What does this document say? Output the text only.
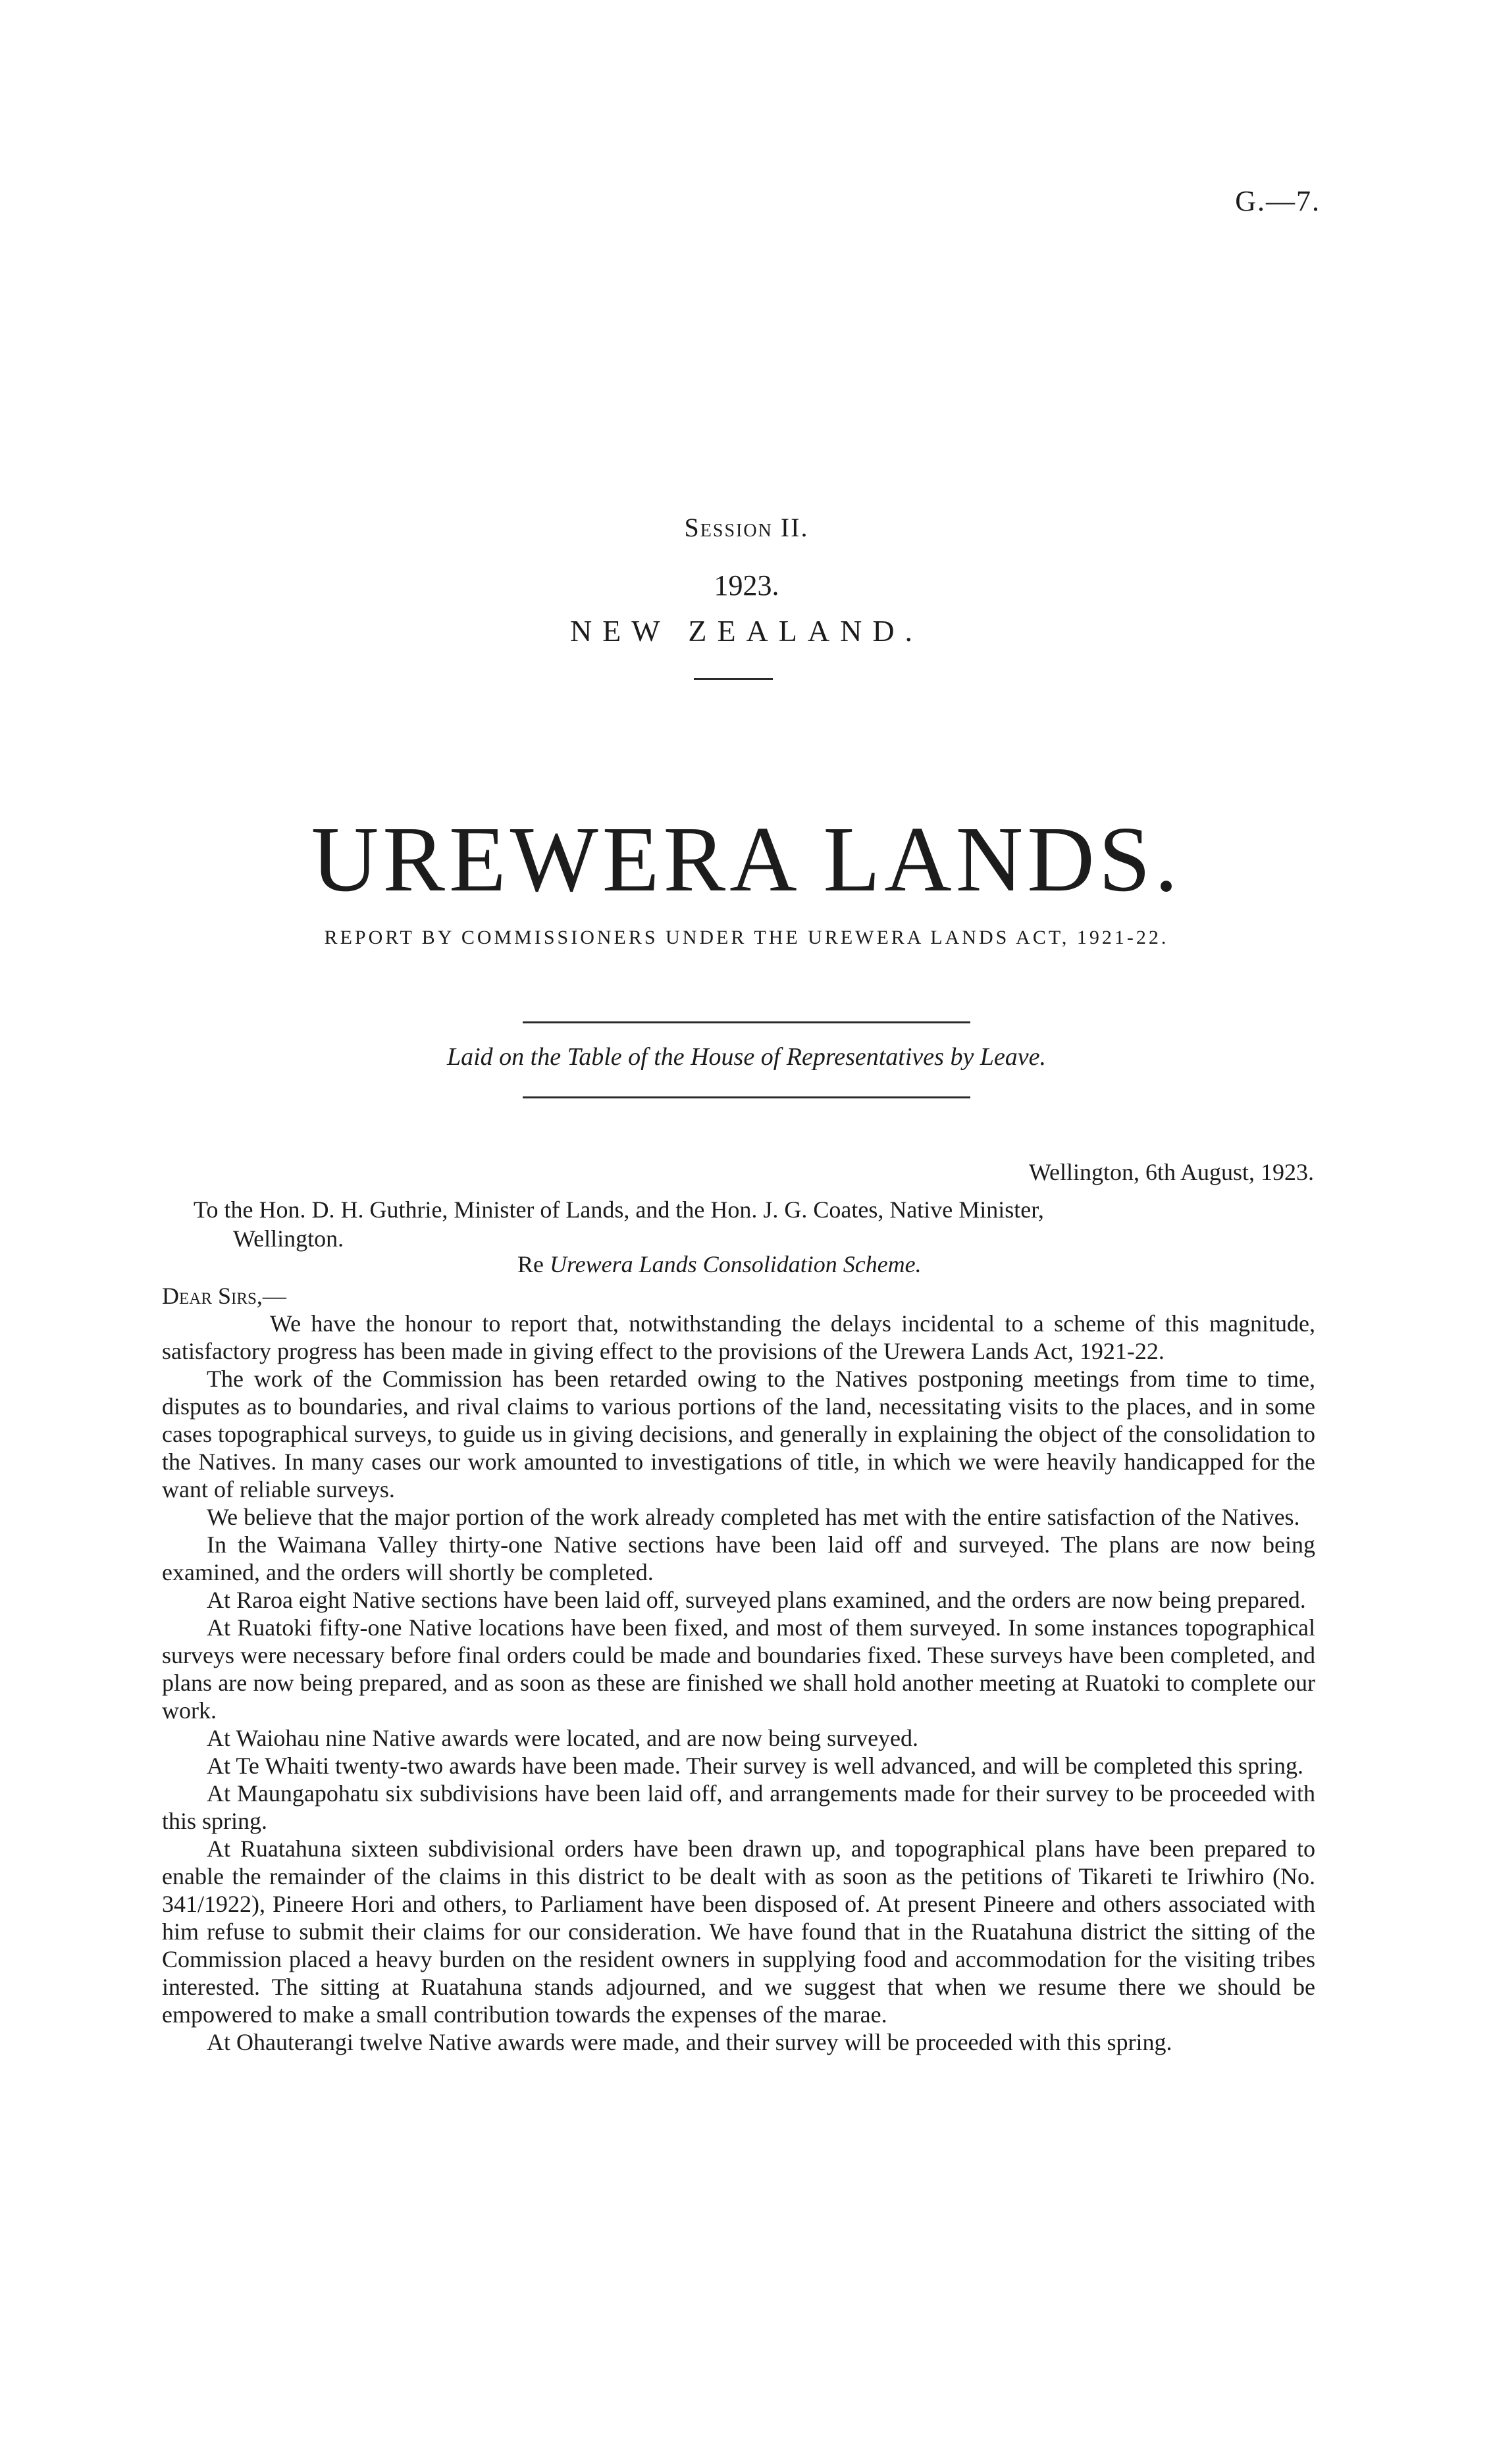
G.—7.
Session II.
1923.
NEW ZEALAND.
UREWERA LANDS.
REPORT BY COMMISSIONERS UNDER THE UREWERA LANDS ACT, 1921-22.
Laid on the Table of the House of Representatives by Leave.
Wellington, 6th August, 1923.
To the Hon. D. H. Guthrie, Minister of Lands, and the Hon. J. G. Coates, Native Minister,
Wellington.
Re Urewera Lands Consolidation Scheme.
Dear Sirs,—

We have the honour to report that, notwithstanding the delays incidental to a scheme of this magnitude, satisfactory progress has been made in giving effect to the provisions of the Urewera Lands Act, 1921-22.

The work of the Commission has been retarded owing to the Natives postponing meetings from time to time, disputes as to boundaries, and rival claims to various portions of the land, necessitating visits to the places, and in some cases topographical surveys, to guide us in giving decisions, and generally in explaining the object of the consolidation to the Natives. In many cases our work amounted to investigations of title, in which we were heavily handicapped for the want of reliable surveys.

We believe that the major portion of the work already completed has met with the entire satisfaction of the Natives.

In the Waimana Valley thirty-one Native sections have been laid off and surveyed. The plans are now being examined, and the orders will shortly be completed.

At Raroa eight Native sections have been laid off, surveyed plans examined, and the orders are now being prepared.

At Ruatoki fifty-one Native locations have been fixed, and most of them surveyed. In some instances topographical surveys were necessary before final orders could be made and boundaries fixed. These surveys have been completed, and plans are now being prepared, and as soon as these are finished we shall hold another meeting at Ruatoki to complete our work.

At Waiohau nine Native awards were located, and are now being surveyed.

At Te Whaiti twenty-two awards have been made. Their survey is well advanced, and will be completed this spring.

At Maungapohatu six subdivisions have been laid off, and arrangements made for their survey to be proceeded with this spring.

At Ruatahuna sixteen subdivisional orders have been drawn up, and topographical plans have been prepared to enable the remainder of the claims in this district to be dealt with as soon as the petitions of Tikareti te Iriwhiro (No. 341/1922), Pineere Hori and others, to Parliament have been disposed of. At present Pineere and others associated with him refuse to submit their claims for our consideration. We have found that in the Ruatahuna district the sitting of the Commission placed a heavy burden on the resident owners in supplying food and accommodation for the visiting tribes interested. The sitting at Ruatahuna stands adjourned, and we suggest that when we resume there we should be empowered to make a small contribution towards the expenses of the marae.

At Ohauterangi twelve Native awards were made, and their survey will be proceeded with this spring.
